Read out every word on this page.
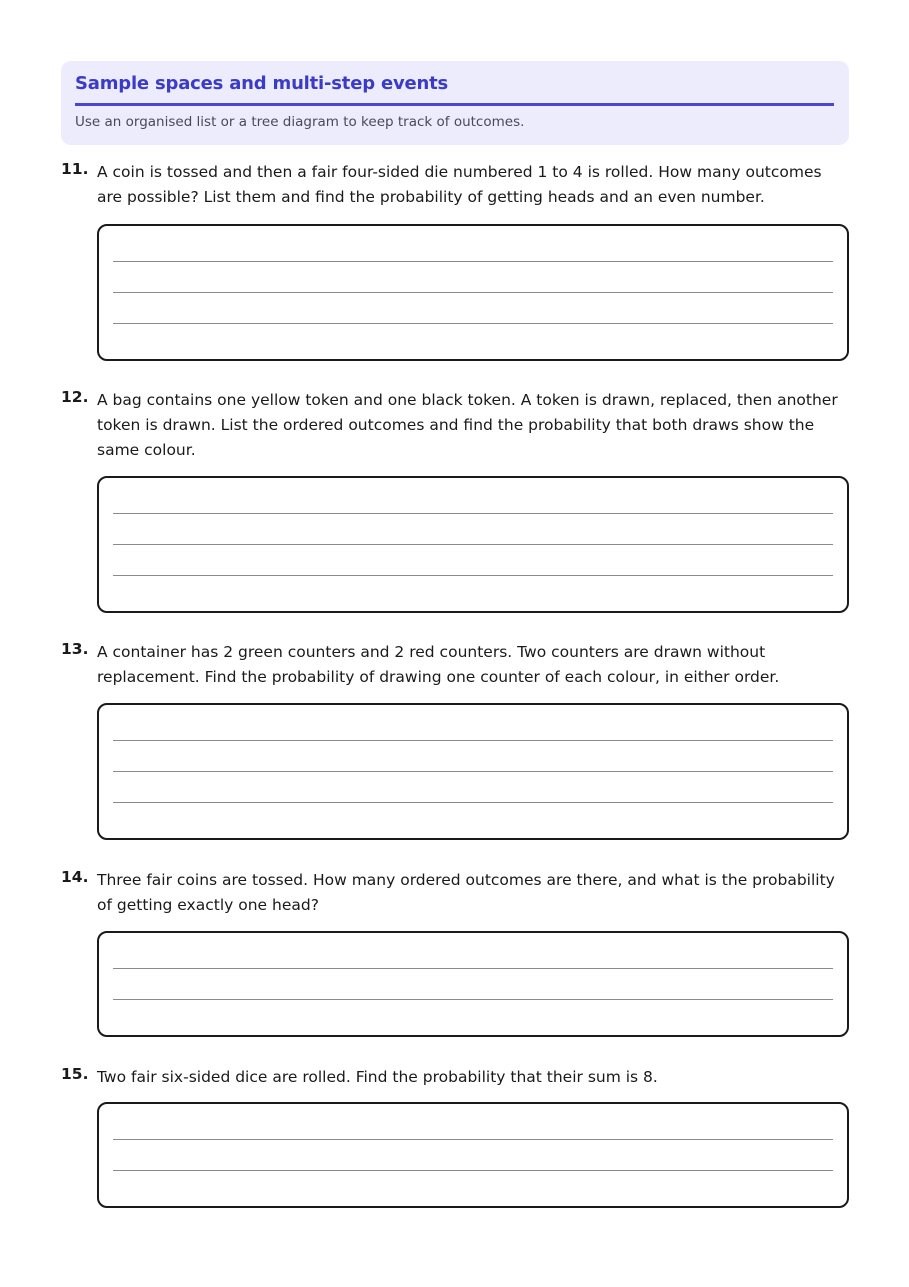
Sample spaces and multi-step events
Use an organised list or a tree diagram to keep track of outcomes.
11. A coin is tossed and then a fair four-sided die numbered 1 to 4 is rolled. How many outcomes are possible? List them and find the probability of getting heads and an even number.
12. A bag contains one yellow token and one black token. A token is drawn, replaced, then another token is drawn. List the ordered outcomes and find the probability that both draws show the same colour.
13. A container has 2 green counters and 2 red counters. Two counters are drawn without replacement. Find the probability of drawing one counter of each colour, in either order.
14. Three fair coins are tossed. How many ordered outcomes are there, and what is the probability of getting exactly one head?
15. Two fair six-sided dice are rolled. Find the probability that their sum is 8.
